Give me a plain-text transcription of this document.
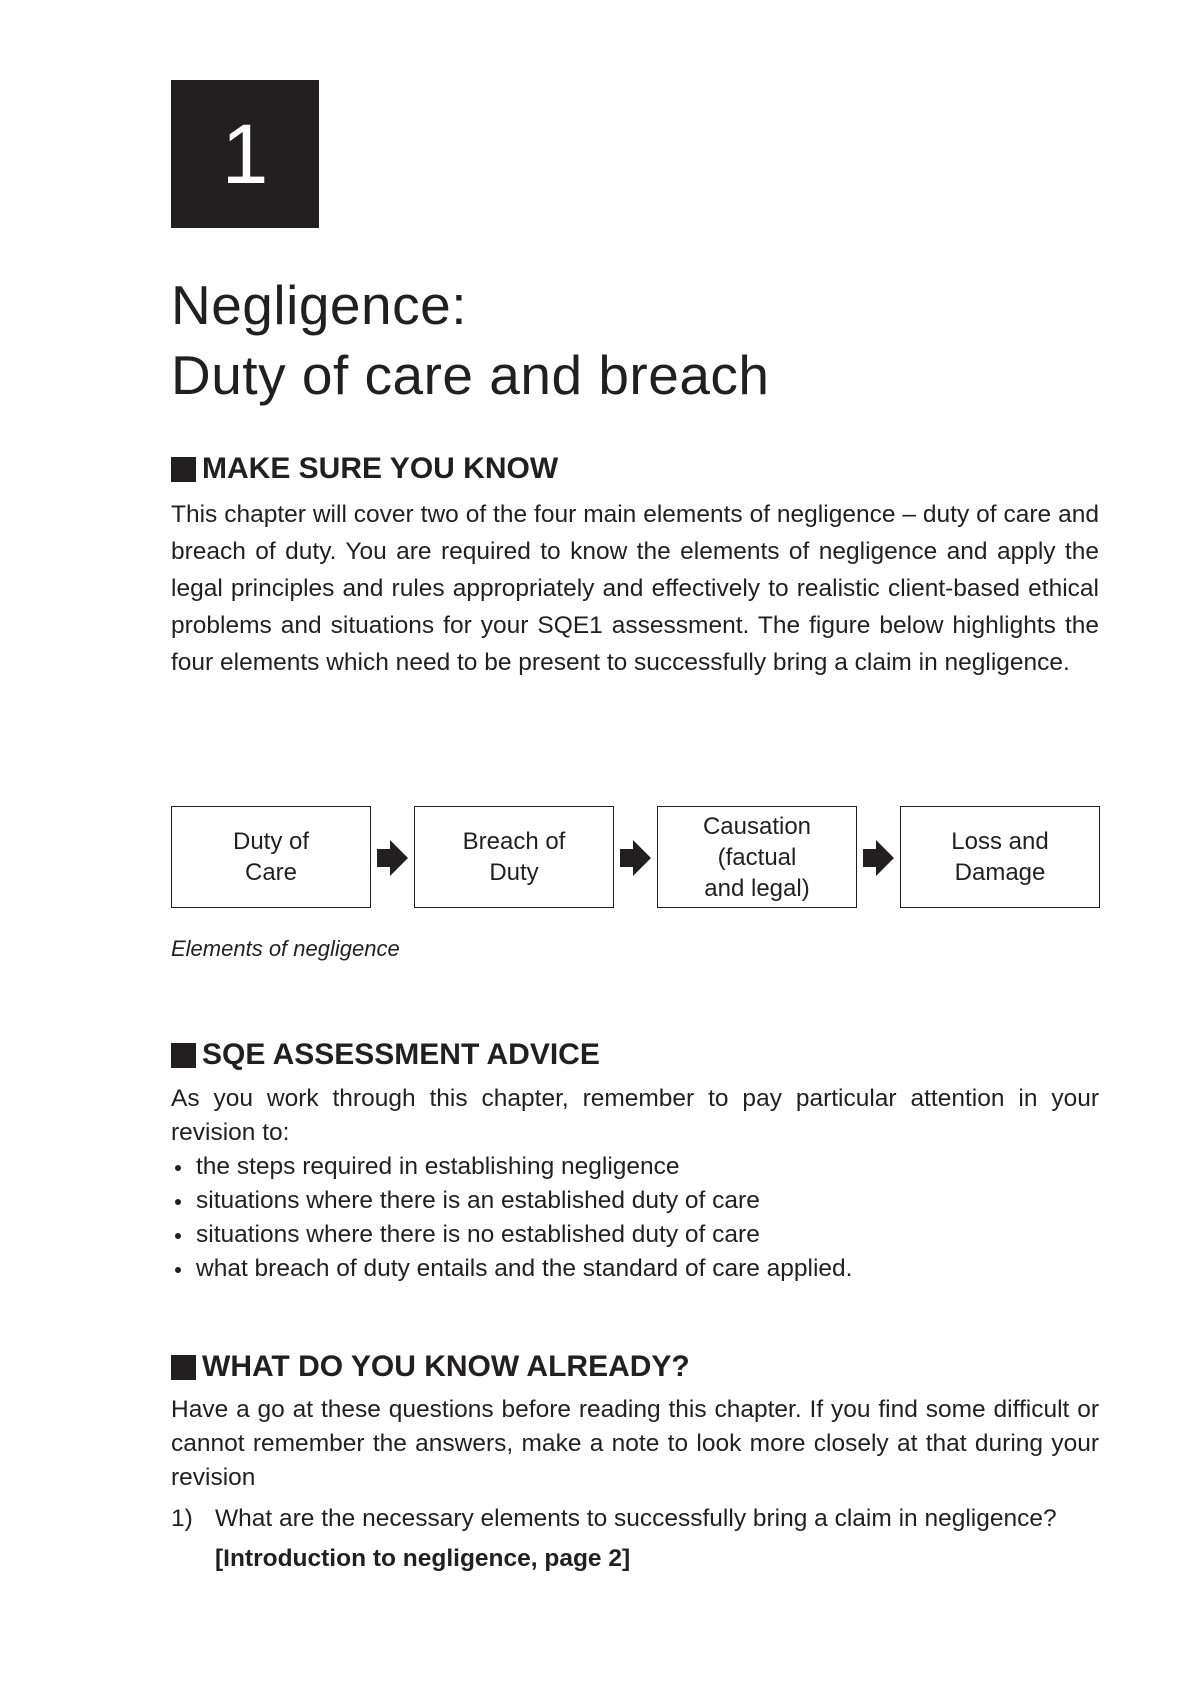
1
Negligence:
Duty of care and breach
MAKE SURE YOU KNOW
This chapter will cover two of the four main elements of negligence – duty of care and breach of duty. You are required to know the elements of negligence and apply the legal principles and rules appropriately and effectively to realistic client-based ethical problems and situations for your SQE1 assessment. The figure below highlights the four elements which need to be present to successfully bring a claim in negligence.
Duty of
Care
Breach of
Duty
Causation
(factual
and legal)
Loss and
Damage
Elements of negligence
SQE ASSESSMENT ADVICE
As you work through this chapter, remember to pay particular attention in your revision to:
the steps required in establishing negligence
situations where there is an established duty of care
situations where there is no established duty of care
what breach of duty entails and the standard of care applied.
WHAT DO YOU KNOW ALREADY?
Have a go at these questions before reading this chapter. If you find some difficult or cannot remember the answers, make a note to look more closely at that during your revision
1) What are the necessary elements to successfully bring a claim in negligence?
[Introduction to negligence, page 2]
